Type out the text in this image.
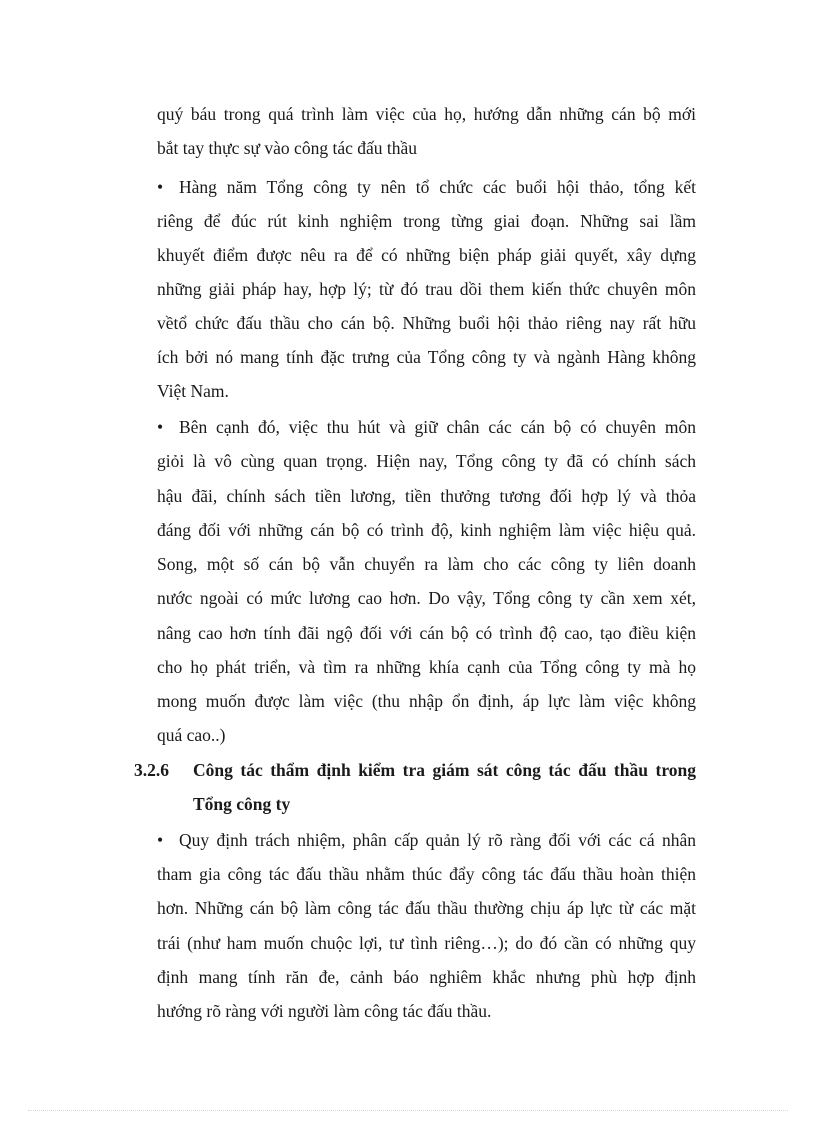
quý báu trong quá trình làm việc của họ, hướng dẫn những cán bộ mới
bắt tay thực sự vào công tác đấu thầu
• Hàng năm Tổng công ty nên tổ chức các buổi hội thảo, tổng kết
riêng để đúc rút kinh nghiệm trong từng giai đoạn. Những sai lầm
khuyết điểm được nêu ra để có những biện pháp giải quyết, xây dựng
những giải pháp hay, hợp lý; từ đó trau dồi them kiến thức chuyên môn
vềtổ chức đấu thầu cho cán bộ. Những buổi hội thảo riêng nay rất hữu
ích bởi nó mang tính đặc trưng của Tổng công ty và ngành Hàng không
Việt Nam.
• Bên cạnh đó, việc thu hút và giữ chân các cán bộ có chuyên môn
giỏi là vô cùng quan trọng. Hiện nay, Tổng công ty đã có chính sách
hậu đãi, chính sách tiền lương, tiền thưởng tương đối hợp lý và thỏa
đáng đối với những cán bộ có trình độ, kinh nghiệm làm việc hiệu quả.
Song, một số cán bộ vẫn chuyển ra làm cho các công ty liên doanh
nước ngoài có mức lương cao hơn. Do vậy, Tổng công ty cần xem xét,
nâng cao hơn tính đãi ngộ đối với cán bộ có trình độ cao, tạo điều kiện
cho họ phát triển, và tìm ra những khía cạnh của Tổng công ty mà họ
mong muốn được làm việc (thu nhập ổn định, áp lực làm việc không
quá cao..)
3.2.6 Công tác thẩm định kiểm tra giám sát công tác đấu thầu trong
Tổng công ty
• Quy định trách nhiệm, phân cấp quản lý rõ ràng đối với các cá nhân
tham gia công tác đấu thầu nhằm thúc đẩy công tác đấu thầu hoàn thiện
hơn. Những cán bộ làm công tác đấu thầu thường chịu áp lực từ các mặt
trái (như ham muốn chuộc lợi, tư tình riêng…); do đó cần có những quy
định mang tính răn đe, cảnh báo nghiêm khắc nhưng phù hợp định
hướng rõ ràng với người làm công tác đấu thầu.
